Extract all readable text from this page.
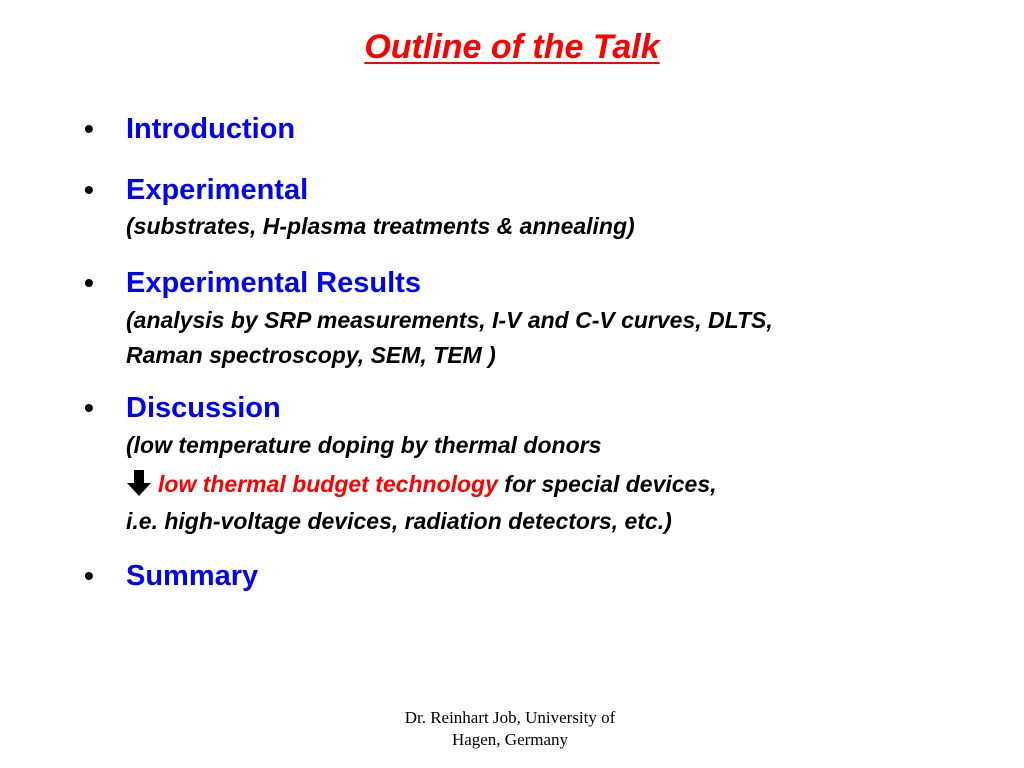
Outline of the Talk
• Introduction
• Experimental
(substrates, H-plasma treatments & annealing)
• Experimental Results
(analysis by SRP measurements, I-V and C-V curves, DLTS,
Raman spectroscopy, SEM, TEM )
• Discussion
(low temperature doping by thermal donors
low thermal budget technology for special devices,
i.e. high-voltage devices, radiation detectors, etc.)
• Summary
Dr. Reinhart Job, University of
Hagen, Germany
